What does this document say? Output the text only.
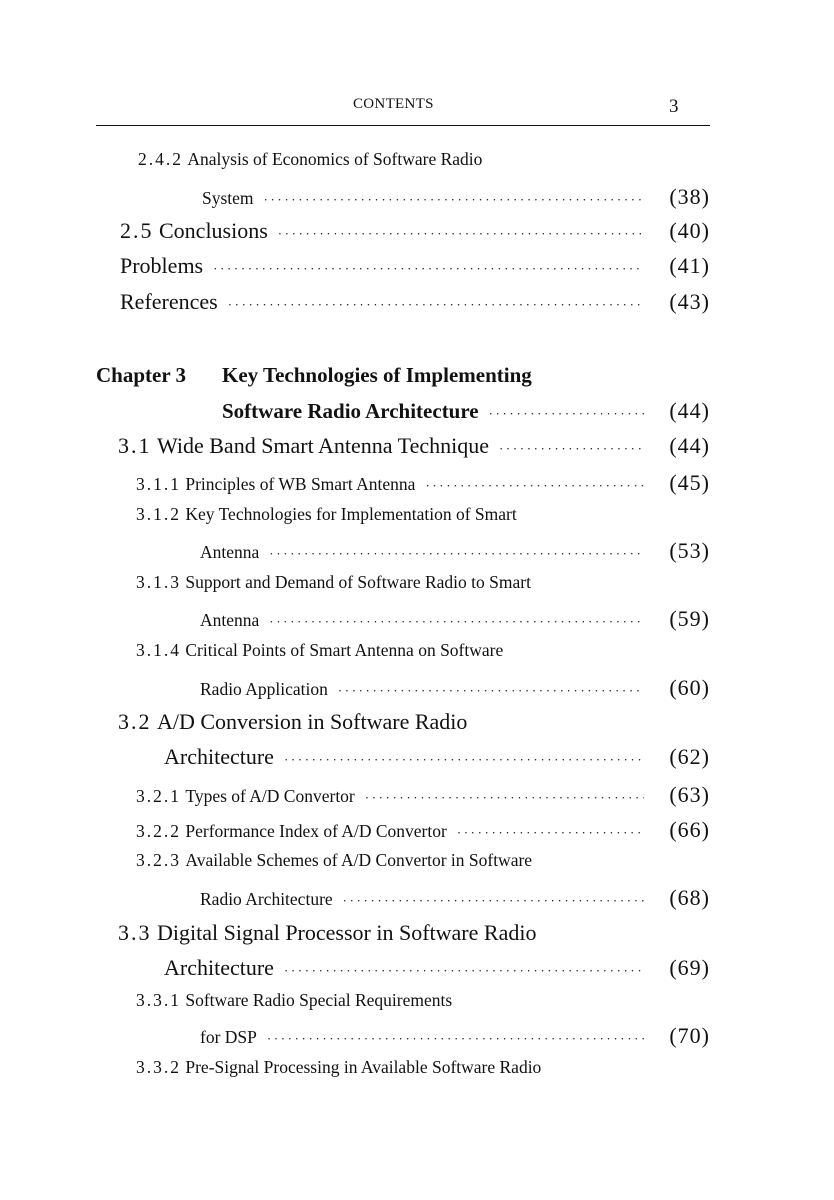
CONTENTS	3
2.4.2
Analysis of Economics of Software Radio
System ·····	(38)
2.5
Conclusions ·····	(40)
Problems ·····	(41)
References ·····	(43)
Chapter 3	Key Technologies of Implementing
Software Radio Architecture ·····	(44)
3.1
Wide Band Smart Antenna Technique ·····	(44)
3.1.1
Principles of WB Smart Antenna ·····	(45)
3.1.2
Key Technologies for Implementation of Smart
Antenna ·····	(53)
3.1.3
Support and Demand of Software Radio to Smart
Antenna ·····	(59)
3.1.4
Critical Points of Smart Antenna on Software
Radio Application ·····	(60)
3.2
A/D Conversion in Software Radio
Architecture ·····	(62)
3.2.1
Types of A/D Convertor ·····	(63)
3.2.2
Performance Index of A/D Convertor ·····	(66)
3.2.3
Available Schemes of A/D Convertor in Software
Radio Architecture ·····	(68)
3.3
Digital Signal Processor in Software Radio
Architecture ·····	(69)
3.3.1
Software Radio Special Requirements
for DSP ·····	(70)
3.3.2
Pre-Signal Processing in Available Software Radio
